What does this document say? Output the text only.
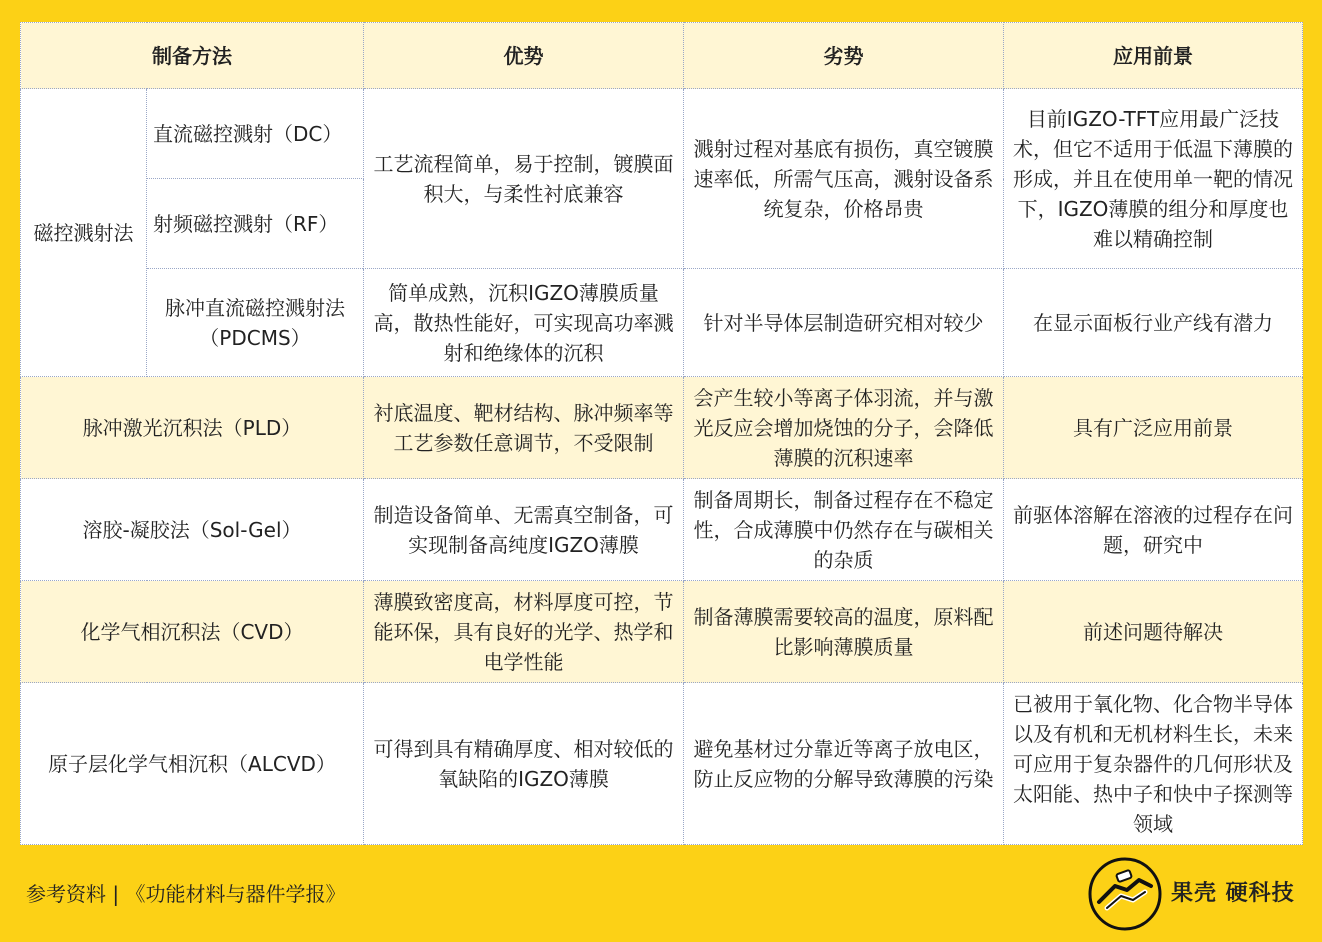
制备方法		优势	劣势	应用前景
磁控溅射法	直流磁控溅射（DC）	工艺流程简单，易于控制，镀膜面积大，与柔性衬底兼容	溅射过程对基底有损伤，真空镀膜速率低，所需气压高，溅射设备系统复杂，价格昂贵	目前IGZO-TFT应用最广泛技术，但它不适用于低温下薄膜的形成，并且在使用单一靶的情况下，IGZO薄膜的组分和厚度也难以精确控制
	射频磁控溅射（RF）			
	脉冲直流磁控溅射法（PDCMS）	简单成熟，沉积IGZO薄膜质量高，散热性能好，可实现高功率溅射和绝缘体的沉积	针对半导体层制造研究相对较少	在显示面板行业产线有潜力
脉冲激光沉积法（PLD）		衬底温度、靶材结构、脉冲频率等工艺参数任意调节，不受限制	会产生较小等离子体羽流，并与激光反应会增加烧蚀的分子，会降低薄膜的沉积速率	具有广泛应用前景
溶胶-凝胶法（Sol-Gel）		制造设备简单、无需真空制备，可实现制备高纯度IGZO薄膜	制备周期长，制备过程存在不稳定性，合成薄膜中仍然存在与碳相关的杂质	前驱体溶解在溶液的过程存在问题，研究中
化学气相沉积法（CVD）		薄膜致密度高，材料厚度可控，节能环保，具有良好的光学、热学和电学性能	制备薄膜需要较高的温度，原料配比影响薄膜质量	前述问题待解决
原子层化学气相沉积（ALCVD）		可得到具有精确厚度、相对较低的氧缺陷的IGZO薄膜	避免基材过分靠近等离子放电区，防止反应物的分解导致薄膜的污染	已被用于氧化物、化合物半导体以及有机和无机材料生长，未来可应用于复杂器件的几何形状及太阳能、热中子和快中子探测等领域
参考资料 | 《功能材料与器件学报》	果壳 硬科技
